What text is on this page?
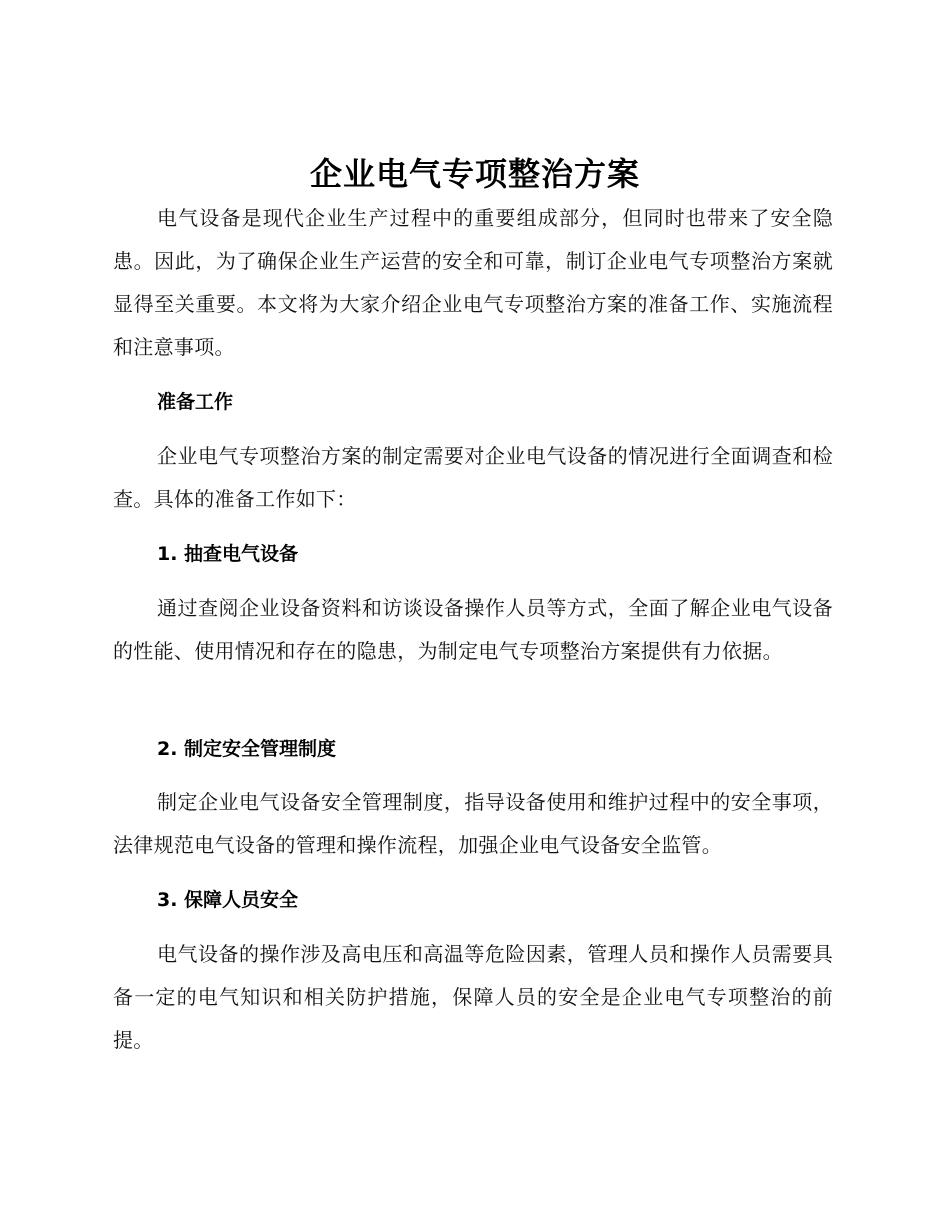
企业电气专项整治方案

电气设备是现代企业生产过程中的重要组成部分，但同时也带来了安全隐患。因此，为了确保企业生产运营的安全和可靠，制订企业电气专项整治方案就显得至关重要。本文将为大家介绍企业电气专项整治方案的准备工作、实施流程和注意事项。

准备工作

企业电气专项整治方案的制定需要对企业电气设备的情况进行全面调查和检查。具体的准备工作如下：

1. 抽查电气设备

通过查阅企业设备资料和访谈设备操作人员等方式，全面了解企业电气设备的性能、使用情况和存在的隐患，为制定电气专项整治方案提供有力依据。

2. 制定安全管理制度

制定企业电气设备安全管理制度，指导设备使用和维护过程中的安全事项，法律规范电气设备的管理和操作流程，加强企业电气设备安全监管。

3. 保障人员安全

电气设备的操作涉及高电压和高温等危险因素，管理人员和操作人员需要具备一定的电气知识和相关防护措施，保障人员的安全是企业电气专项整治的前提。
